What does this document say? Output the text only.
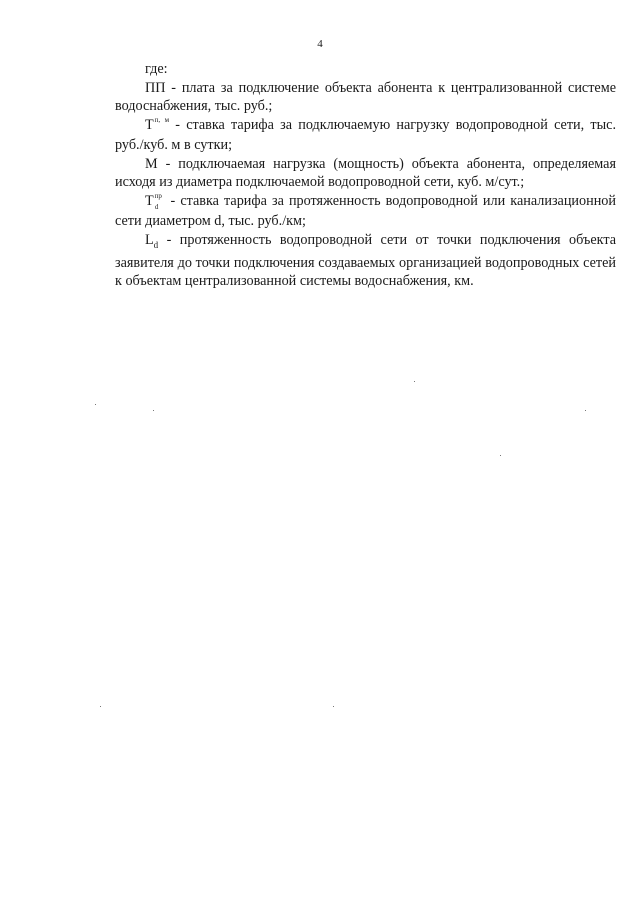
4

где:

ПП - плата за подключение объекта абонента к централизованной системе водоснабжения, тыс. руб.;

$Т^{п, м}$ - ставка тарифа за подключаемую нагрузку водопроводной сети, тыс. руб./куб. м в сутки;

М - подключаемая нагрузка (мощность) объекта абонента, определяемая исходя из диаметра подключаемой водопроводной сети, куб. м/сут.;

$Т^{пр}_d$ - ставка тарифа за протяженность водопроводной или канализационной сети диаметром d, тыс. руб./км;

$L_d$ - протяженность водопроводной сети от точки подключения объекта заявителя до точки подключения создаваемых организацией водопроводных сетей к объектам централизованной системы водоснабжения, км.
